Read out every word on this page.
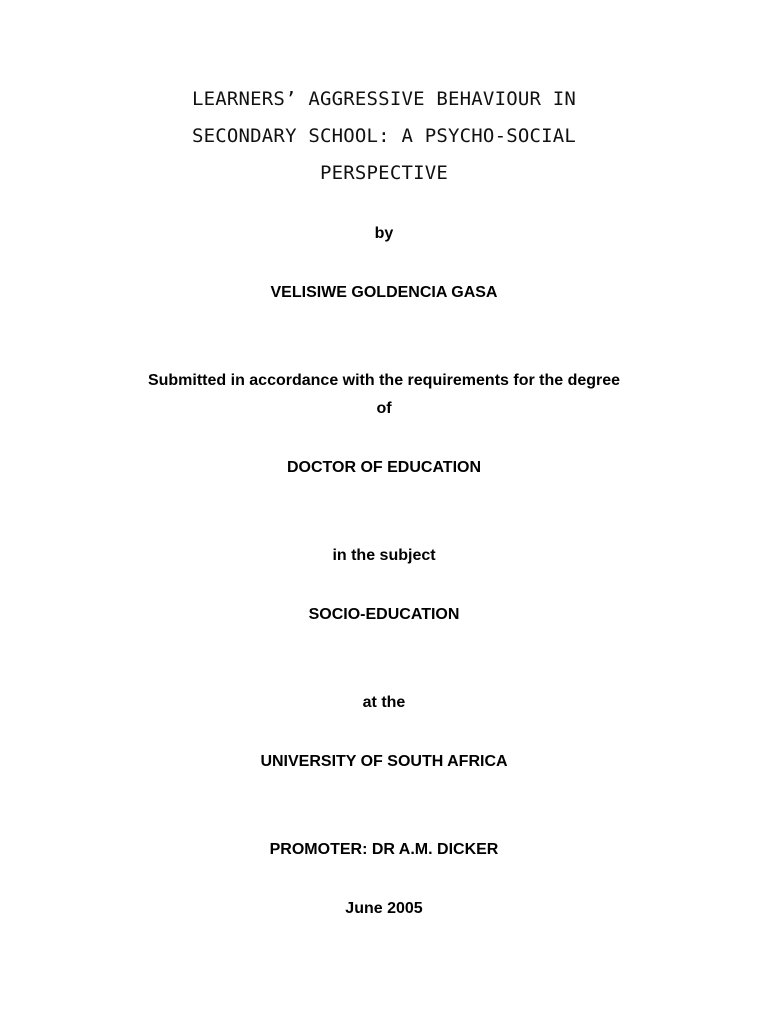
LEARNERS’ AGGRESSIVE BEHAVIOUR IN

SECONDARY SCHOOL: A PSYCHO-SOCIAL

PERSPECTIVE

by

VELISIWE GOLDENCIA GASA

Submitted in accordance with the requirements for the degree

of

DOCTOR OF EDUCATION

in the subject

SOCIO-EDUCATION

at the

UNIVERSITY OF SOUTH AFRICA

PROMOTER: DR A.M. DICKER

June 2005
